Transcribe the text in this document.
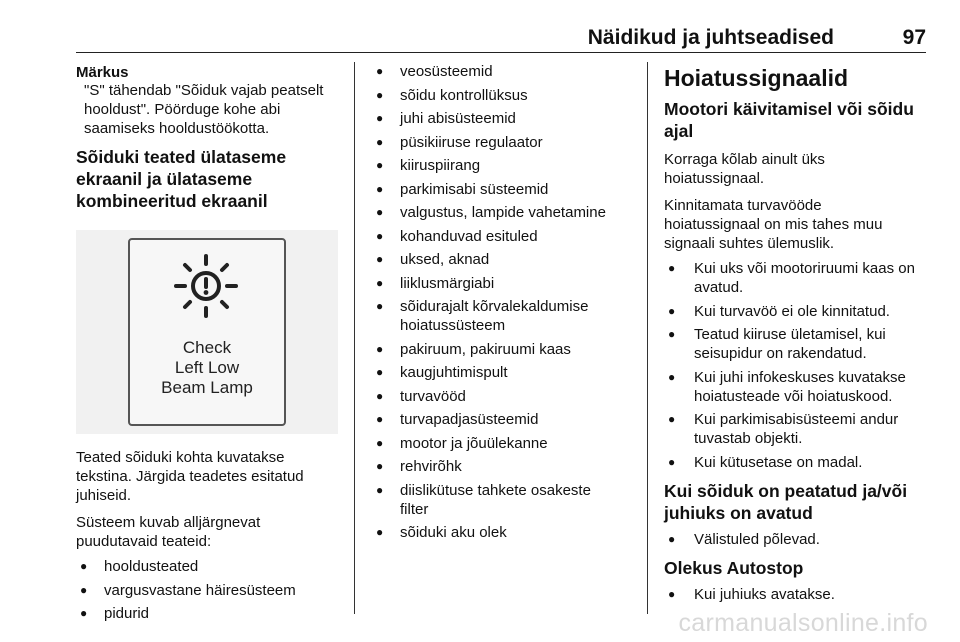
Näidikud ja juhtseadised	97
Märkus
"S" tähendab "Sõiduk vajab peatselt
hooldust". Pöörduge kohe abi
saamiseks hooldustöökotta.
Sõiduki teated ülataseme
ekraanil ja ülataseme
kombineeritud ekraanil
Check
Left Low
Beam Lamp
Teated sõiduki kohta kuvatakse
tekstina. Järgida teadetes esitatud
juhiseid.
Süsteem kuvab alljärgnevat
puudutavaid teateid:
● hooldusteated
● vargusvastane häiresüsteem
● pidurid
● veosüsteemid
● sõidu kontrollüksus
● juhi abisüsteemid
● püsikiiruse regulaator
● kiiruspiirang
● parkimisabi süsteemid
● valgustus, lampide vahetamine
● kohanduvad esituled
● uksed, aknad
● liiklusmärgiabi
● sõidurajalt kõrvalekaldumise
hoiatussüsteem
● pakiruum, pakiruumi kaas
● kaugjuhtimispult
● turvavööd
● turvapadjasüsteemid
● mootor ja jõuülekanne
● rehvirõhk
● diislikütuse tahkete osakeste
filter
● sõiduki aku olek
Hoiatussignaalid
Mootori käivitamisel või sõidu ajal
Korraga kõlab ainult üks
hoiatussignaal.
Kinnitamata turvavööde
hoiatussignaal on mis tahes muu
signaali suhtes ülemuslik.
● Kui uks või mootoriruumi kaas on
avatud.
● Kui turvavöö ei ole kinnitatud.
● Teatud kiiruse ületamisel, kui
seisupidur on rakendatud.
● Kui juhi infokeskuses kuvatakse
hoiatusteade või hoiatuskood.
● Kui parkimisabisüsteemi andur
tuvastab objekti.
● Kui kütusetase on madal.
Kui sõiduk on peatatud ja/või
juhiuks on avatud
● Välistuled põlevad.
Olekus Autostop
● Kui juhiuks avatakse.
carmanualsonline.info
